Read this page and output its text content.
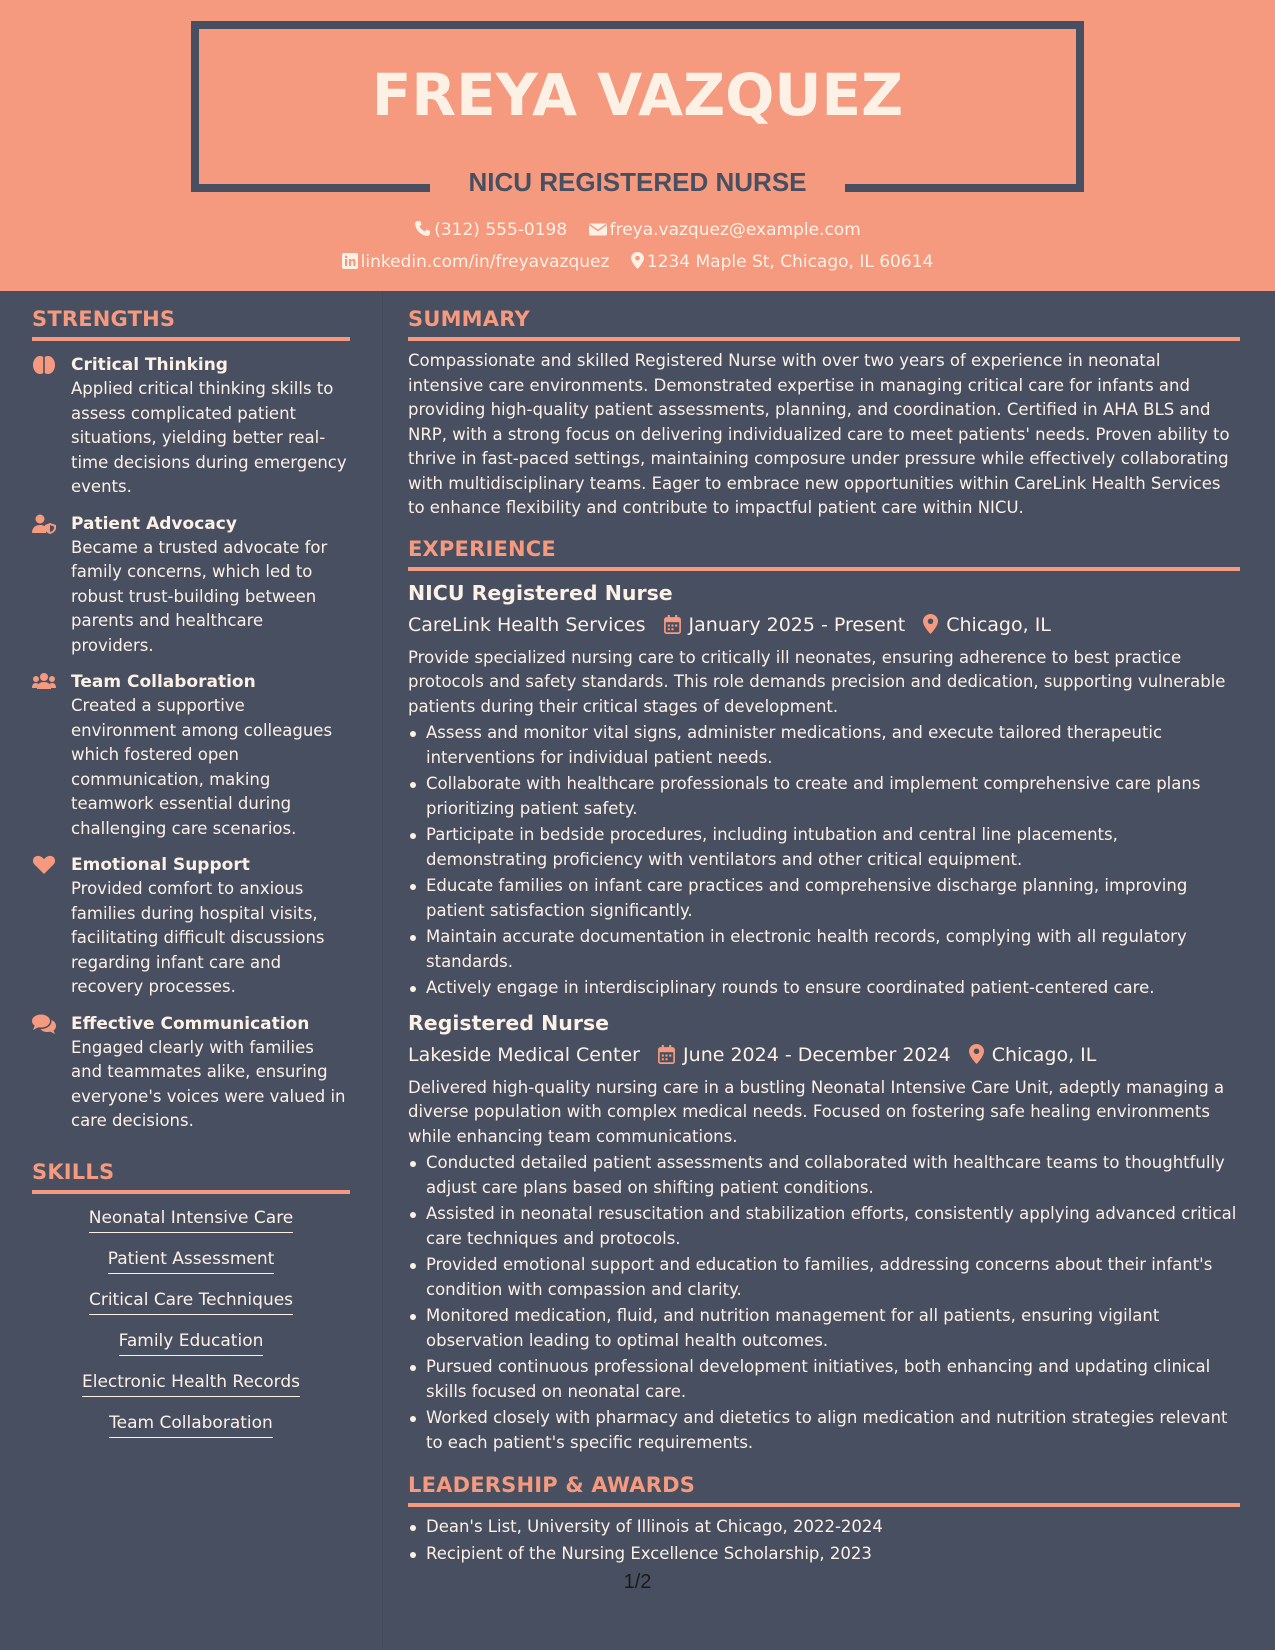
FREYA VAZQUEZ
NICU REGISTERED NURSE
(312) 555-0198 freya.vazquez@example.com
linkedin.com/in/freyavazquez 1234 Maple St, Chicago, IL 60614
STRENGTHS
Critical Thinking
Applied critical thinking skills to assess complicated patient situations, yielding better real-time decisions during emergency events.
Patient Advocacy
Became a trusted advocate for family concerns, which led to robust trust-building between parents and healthcare providers.
Team Collaboration
Created a supportive environment among colleagues which fostered open communication, making teamwork essential during challenging care scenarios.
Emotional Support
Provided comfort to anxious families during hospital visits, facilitating difficult discussions regarding infant care and recovery processes.
Effective Communication
Engaged clearly with families and teammates alike, ensuring everyone's voices were valued in care decisions.
SKILLS
Neonatal Intensive Care
Patient Assessment
Critical Care Techniques
Family Education
Electronic Health Records
Team Collaboration
SUMMARY
Compassionate and skilled Registered Nurse with over two years of experience in neonatal intensive care environments. Demonstrated expertise in managing critical care for infants and providing high-quality patient assessments, planning, and coordination. Certified in AHA BLS and NRP, with a strong focus on delivering individualized care to meet patients' needs. Proven ability to thrive in fast-paced settings, maintaining composure under pressure while effectively collaborating with multidisciplinary teams. Eager to embrace new opportunities within CareLink Health Services to enhance flexibility and contribute to impactful patient care within NICU.
EXPERIENCE
NICU Registered Nurse
CareLink Health Services January 2025 - Present Chicago, IL
Provide specialized nursing care to critically ill neonates, ensuring adherence to best practice protocols and safety standards. This role demands precision and dedication, supporting vulnerable patients during their critical stages of development.
Assess and monitor vital signs, administer medications, and execute tailored therapeutic interventions for individual patient needs.
Collaborate with healthcare professionals to create and implement comprehensive care plans prioritizing patient safety.
Participate in bedside procedures, including intubation and central line placements, demonstrating proficiency with ventilators and other critical equipment.
Educate families on infant care practices and comprehensive discharge planning, improving patient satisfaction significantly.
Maintain accurate documentation in electronic health records, complying with all regulatory standards.
Actively engage in interdisciplinary rounds to ensure coordinated patient-centered care.
Registered Nurse
Lakeside Medical Center June 2024 - December 2024 Chicago, IL
Delivered high-quality nursing care in a bustling Neonatal Intensive Care Unit, adeptly managing a diverse population with complex medical needs. Focused on fostering safe healing environments while enhancing team communications.
Conducted detailed patient assessments and collaborated with healthcare teams to thoughtfully adjust care plans based on shifting patient conditions.
Assisted in neonatal resuscitation and stabilization efforts, consistently applying advanced critical care techniques and protocols.
Provided emotional support and education to families, addressing concerns about their infant's condition with compassion and clarity.
Monitored medication, fluid, and nutrition management for all patients, ensuring vigilant observation leading to optimal health outcomes.
Pursued continuous professional development initiatives, both enhancing and updating clinical skills focused on neonatal care.
Worked closely with pharmacy and dietetics to align medication and nutrition strategies relevant to each patient's specific requirements.
LEADERSHIP & AWARDS
Dean's List, University of Illinois at Chicago, 2022-2024
Recipient of the Nursing Excellence Scholarship, 2023
1/2
